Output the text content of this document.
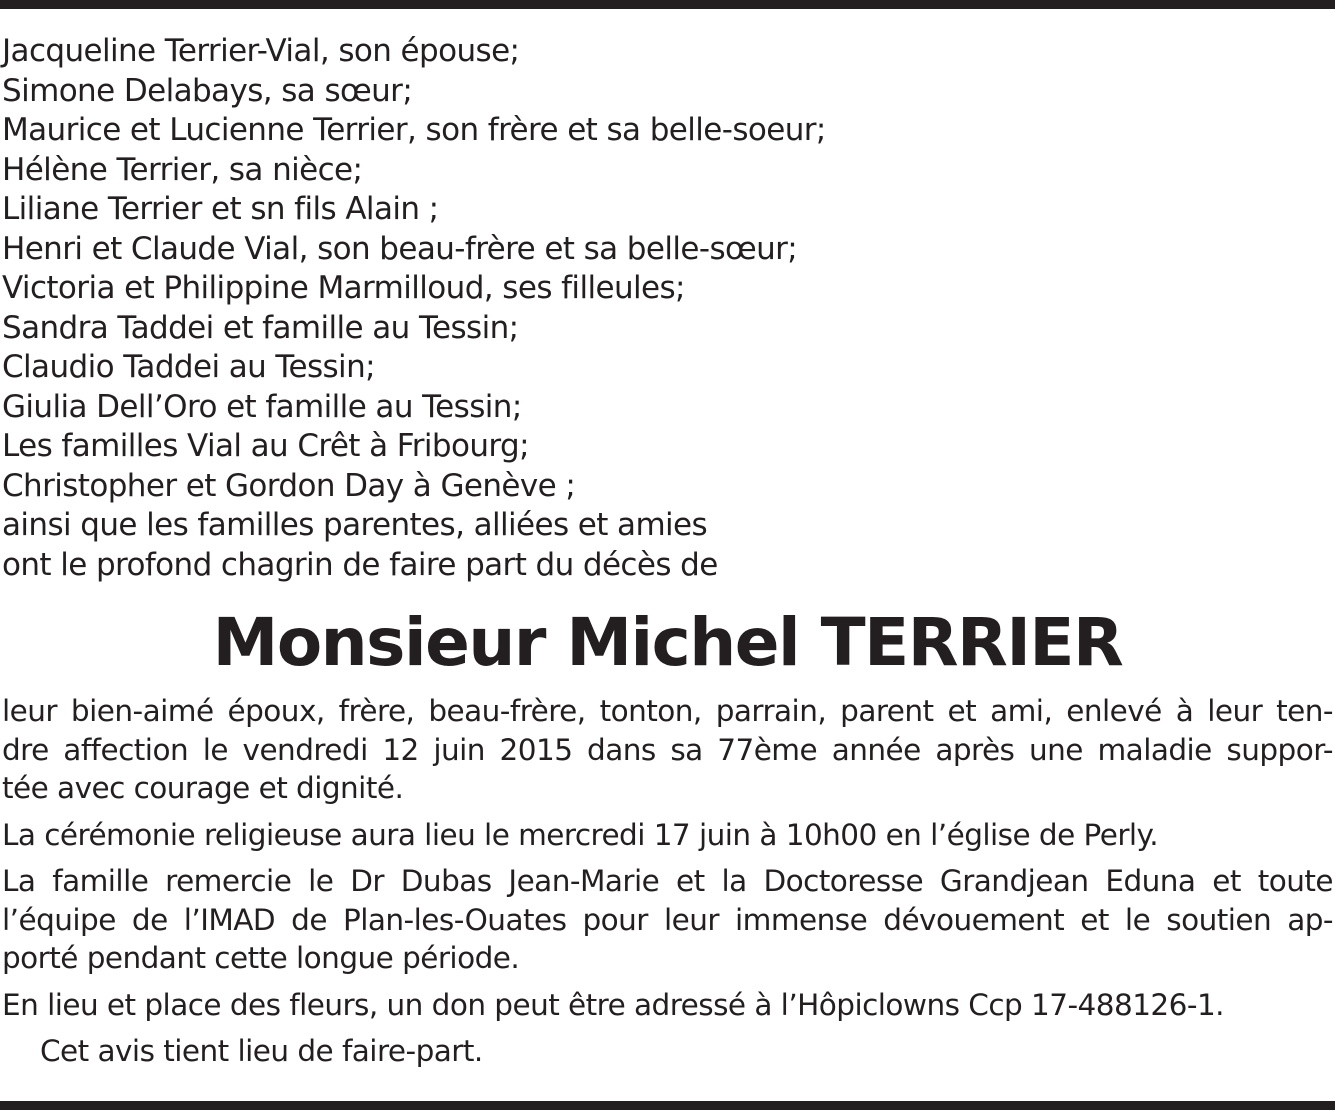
Jacqueline Terrier-Vial, son épouse;
Simone Delabays, sa sœur;
Maurice et Lucienne Terrier, son frère et sa belle-soeur;
Hélène Terrier, sa nièce;
Liliane Terrier et sn fils Alain ;
Henri et Claude Vial, son beau-frère et sa belle-sœur;
Victoria et Philippine Marmilloud, ses filleules;
Sandra Taddei et famille au Tessin;
Claudio Taddei au Tessin;
Giulia Dell’Oro et famille au Tessin;
Les familles Vial au Crêt à Fribourg;
Christopher et Gordon Day à Genève ;
ainsi que les familles parentes, alliées et amies
ont le profond chagrin de faire part du décès de
Monsieur Michel TERRIER

leur bien-aimé époux, frère, beau-frère, tonton, parrain, parent et ami, enlevé à leur ten-
dre affection le vendredi 12 juin 2015 dans sa 77ème année après une maladie suppor-
tée avec courage et dignité.

La cérémonie religieuse aura lieu le mercredi 17 juin à 10h00 en l’église de Perly.

La famille remercie le Dr Dubas Jean-Marie et la Doctoresse Grandjean Eduna et toute
l’équipe de l’IMAD de Plan-les-Ouates pour leur immense dévouement et le soutien ap-
porté pendant cette longue période.

En lieu et place des fleurs, un don peut être adressé à l’Hôpiclowns Ccp 17-488126-1.

Cet avis tient lieu de faire-part.
